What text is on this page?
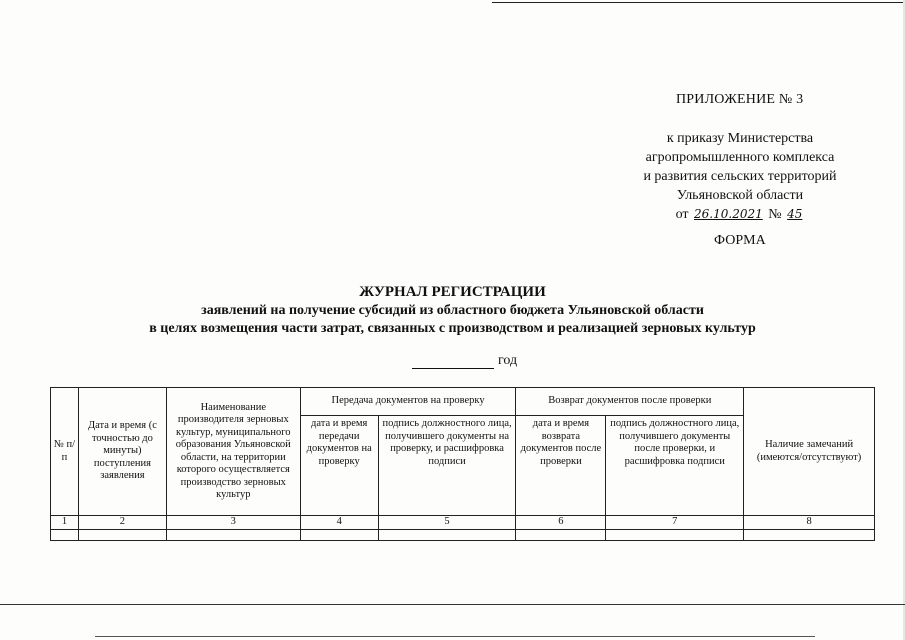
ПРИЛОЖЕНИЕ № 3
к приказу Министерства
агропромышленного комплекса
и развития сельских территорий
Ульяновской области
от 26.10.2021 № 45
ФОРМА
ЖУРНАЛ РЕГИСТРАЦИИ
заявлений на получение субсидий из областного бюджета Ульяновской области
в целях возмещения части затрат, связанных с производством и реализацией зерновых культур
год
№ п/п	Дата и время (с точностью до минуты) поступления заявления	Наименование производителя зерновых культур, муниципального образования Ульяновской области, на территории которого осуществляется производство зерновых культур	Передача документов на проверку		Возврат документов после проверки		Наличие замечаний (имеются/отсутствуют)
			дата и время передачи документов на проверку	подпись должностного лица, получившего документы на проверку, и расшифровка подписи	дата и время возврата документов после проверки	подпись должностного лица, получившего документы после проверки, и расшифровка подписи	
1	2	3	4	5	6	7	8
